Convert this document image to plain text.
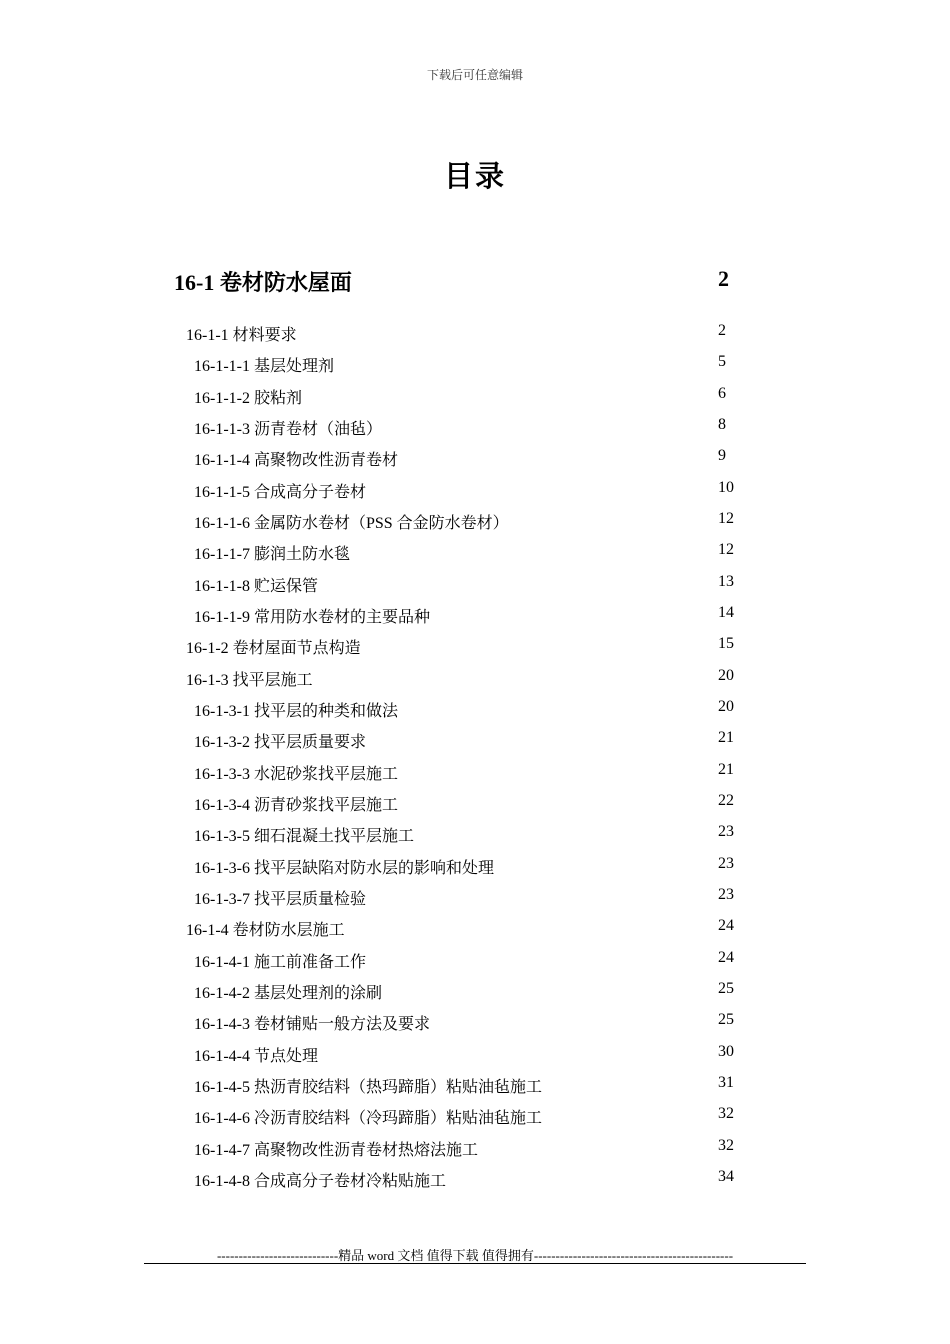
下载后可任意编辑
目录
16-1 卷材防水屋面	2
16-1-1 材料要求	2
16-1-1-1 基层处理剂	5
16-1-1-2 胶粘剂	6
16-1-1-3 沥青卷材（油毡）	8
16-1-1-4 高聚物改性沥青卷材	9
16-1-1-5 合成高分子卷材	10
16-1-1-6 金属防水卷材（PSS 合金防水卷材）	12
16-1-1-7 膨润土防水毯	12
16-1-1-8 贮运保管	13
16-1-1-9 常用防水卷材的主要品种	14
16-1-2 卷材屋面节点构造	15
16-1-3 找平层施工	20
16-1-3-1 找平层的种类和做法	20
16-1-3-2 找平层质量要求	21
16-1-3-3 水泥砂浆找平层施工	21
16-1-3-4 沥青砂浆找平层施工	22
16-1-3-5 细石混凝土找平层施工	23
16-1-3-6 找平层缺陷对防水层的影响和处理	23
16-1-3-7 找平层质量检验	23
16-1-4 卷材防水层施工	24
16-1-4-1 施工前准备工作	24
16-1-4-2 基层处理剂的涂刷	25
16-1-4-3 卷材铺贴一般方法及要求	25
16-1-4-4 节点处理	30
16-1-4-5 热沥青胶结料（热玛蹄脂）粘贴油毡施工	31
16-1-4-6 冷沥青胶结料（冷玛蹄脂）粘贴油毡施工	32
16-1-4-7 高聚物改性沥青卷材热熔法施工	32
16-1-4-8 合成高分子卷材冷粘贴施工	34
----------------------------精品 word 文档 值得下载 值得拥有----------------------------------------------
